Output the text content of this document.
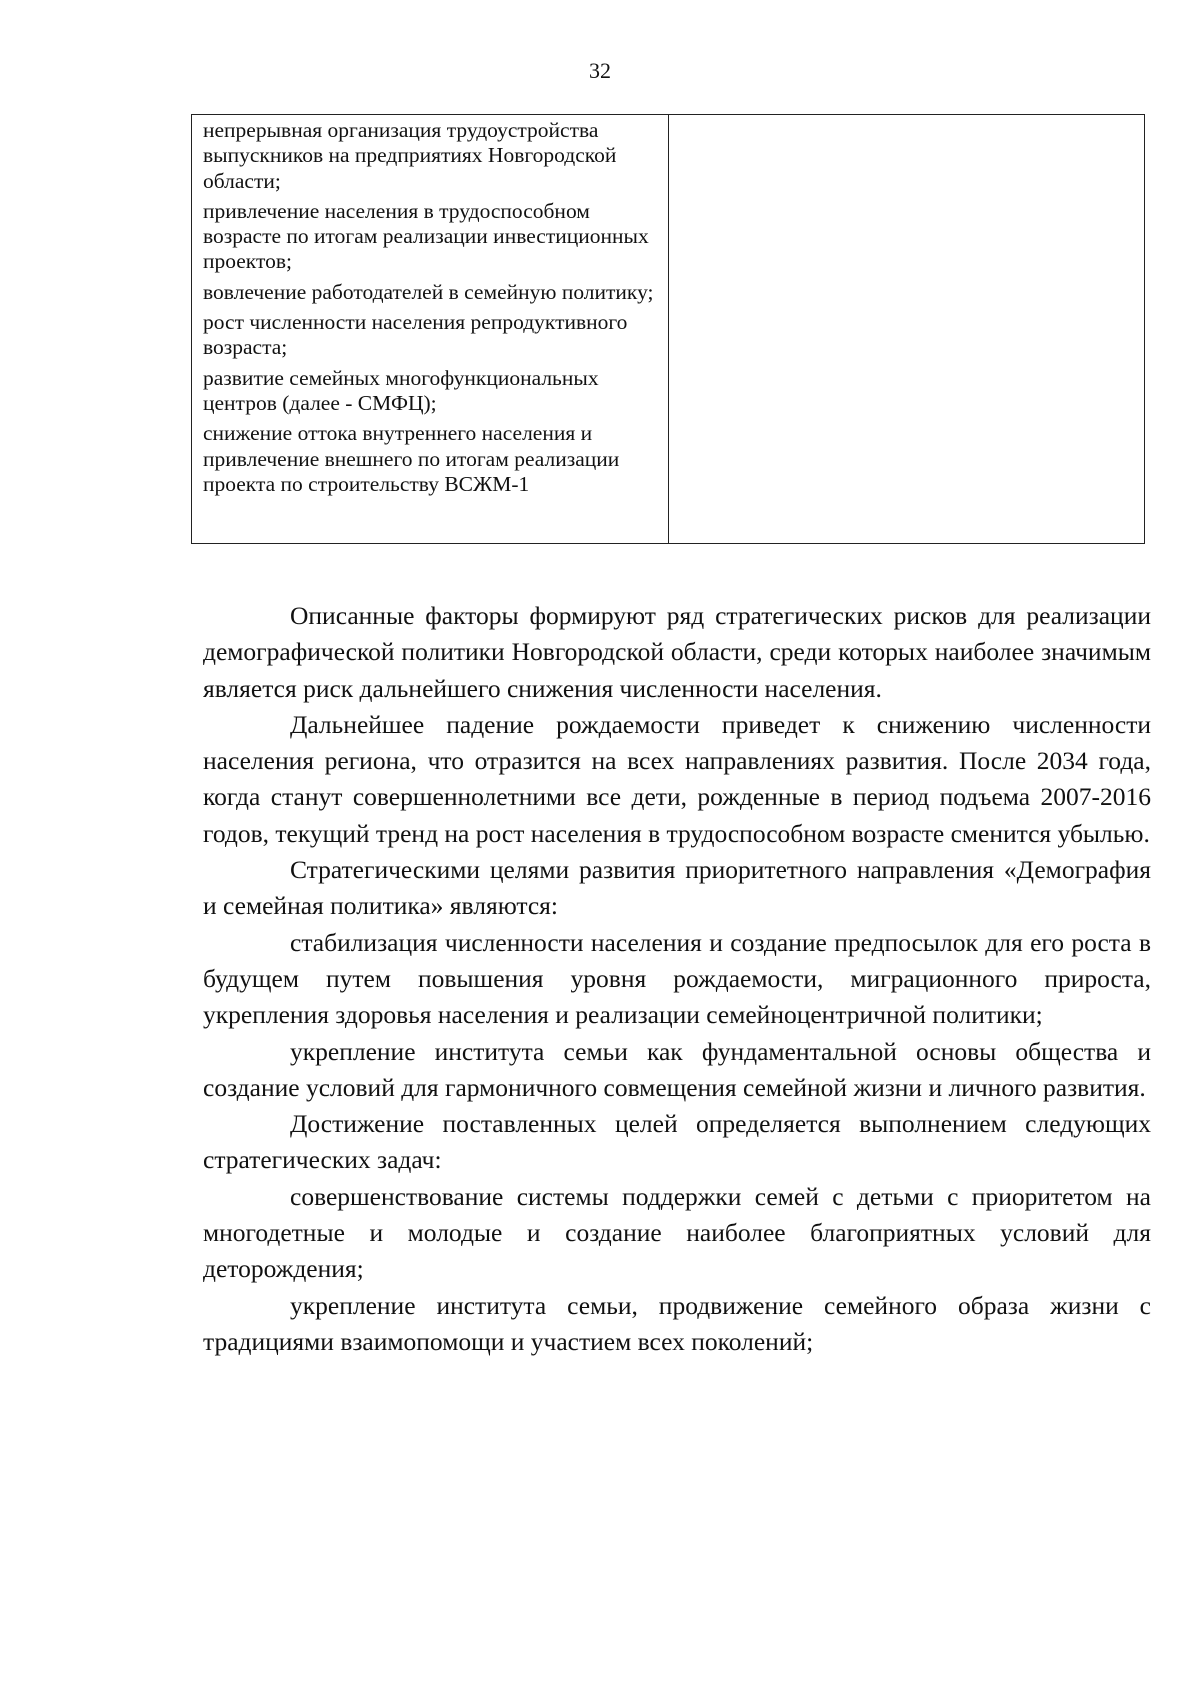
32

непрерывная организация трудоустройства выпускников на предприятиях Новгородской области;

привлечение населения в трудоспособном возрасте по итогам реализации инвестиционных проектов;

вовлечение работодателей в семейную политику;

рост численности населения репродуктивного возраста;

развитие семейных многофункциональных центров (далее - СМФЦ);

снижение оттока внутреннего населения и привлечение внешнего по итогам реализации проекта по строительству ВСЖМ-1

Описанные факторы формируют ряд стратегических рисков для реализации демографической политики Новгородской области, среди которых наиболее значимым является риск дальнейшего снижения численности населения.

Дальнейшее падение рождаемости приведет к снижению численности населения региона, что отразится на всех направлениях развития. После 2034 года, когда станут совершеннолетними все дети, рожденные в период подъема 2007-2016 годов, текущий тренд на рост населения в трудоспособном возрасте сменится убылью.

Стратегическими целями развития приоритетного направления «Демография и семейная политика» являются:

стабилизация численности населения и создание предпосылок для его роста в будущем путем повышения уровня рождаемости, миграционного прироста, укрепления здоровья населения и реализации семейноцентричной политики;

укрепление института семьи как фундаментальной основы общества и создание условий для гармоничного совмещения семейной жизни и личного развития.

Достижение поставленных целей определяется выполнением следующих стратегических задач:

совершенствование системы поддержки семей с детьми с приоритетом на многодетные и молодые и создание наиболее благоприятных условий для деторождения;

укрепление института семьи, продвижение семейного образа жизни с традициями взаимопомощи и участием всех поколений;
